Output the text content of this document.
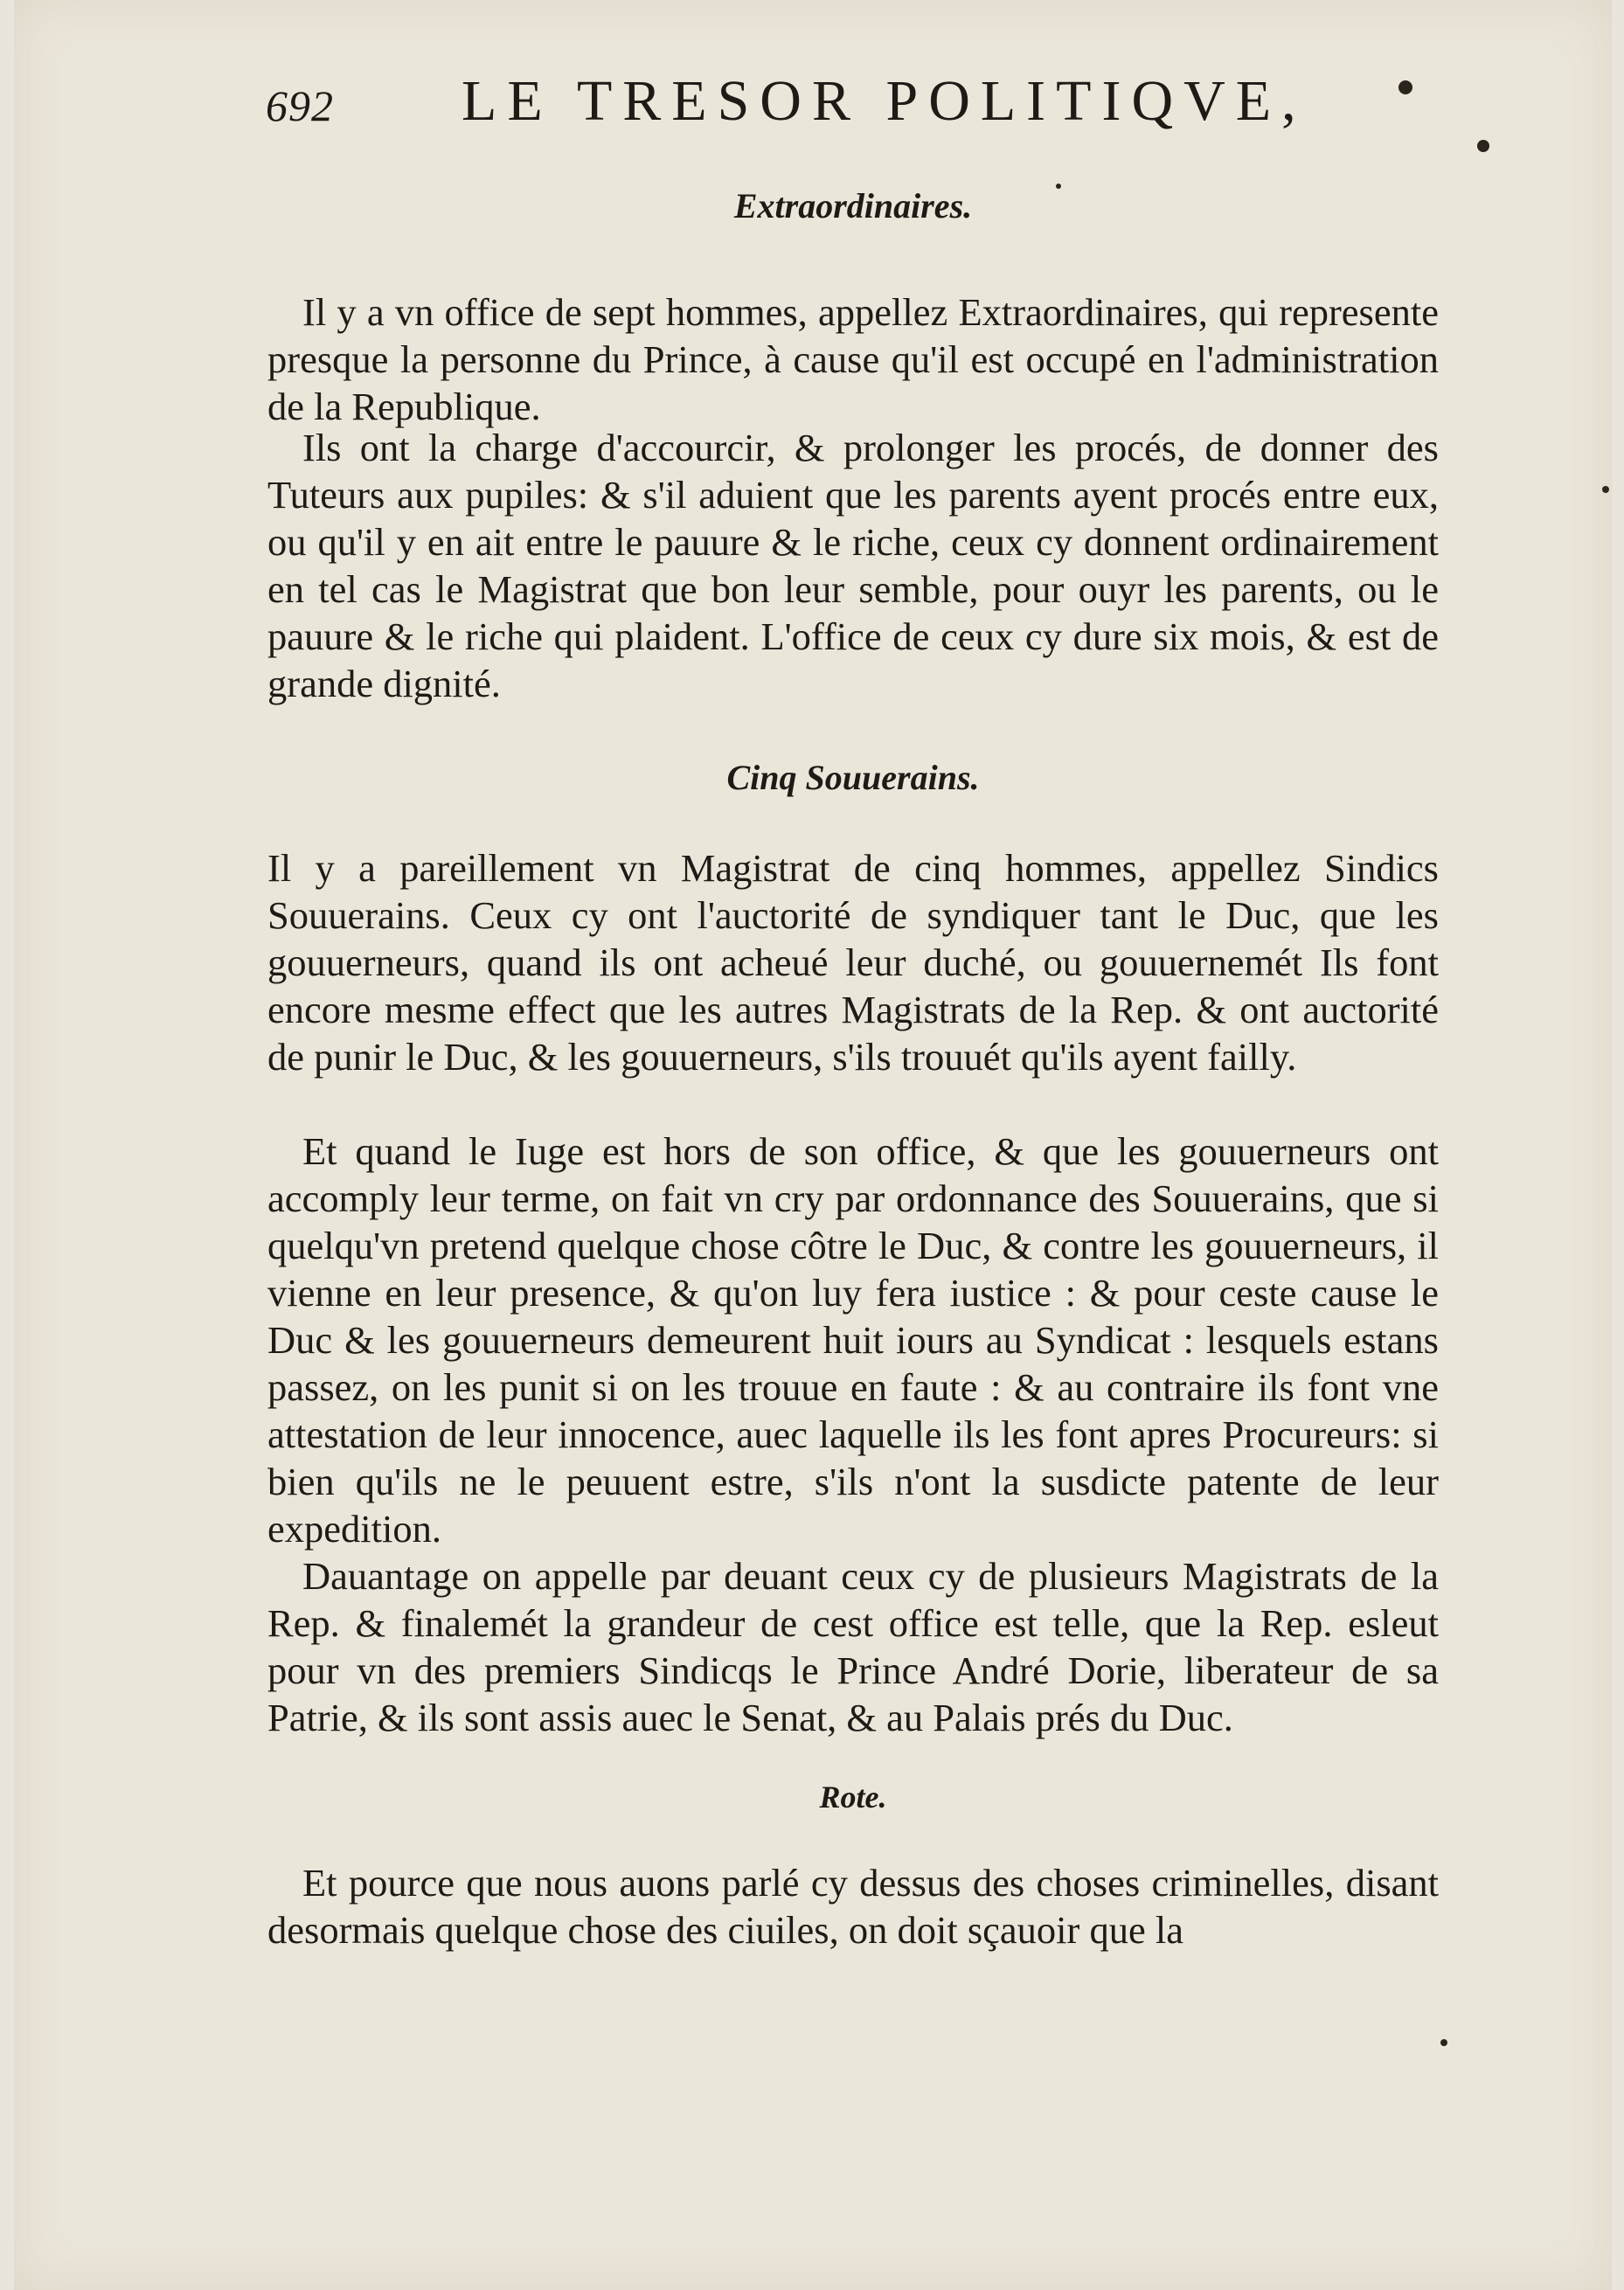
692 LE TRESOR POLITIQVE,
Extraordinaires.

Il y a vn office de sept hommes, appellez Extraordinaires, qui represente presque la personne du Prince, à cause qu'il est occupé en l'administration de la Republique.

Ils ont la charge d'accourcir, & prolonger les procés, de donner des Tuteurs aux pupiles: & s'il aduient que les parents ayent procés entre eux, ou qu'il y en ait entre le pauure & le riche, ceux cy donnent ordinairement en tel cas le Magistrat que bon leur semble, pour ouyr les parents, ou le pauure & le riche qui plaident. L'office de ceux cy dure six mois, & est de grande dignité.

Cinq Souuerains.

Il y a pareillement vn Magistrat de cinq hommes, appellez Sindics Souuerains. Ceux cy ont l'auctorité de syndiquer tant le Duc, que les gouuerneurs, quand ils ont acheué leur duché, ou gouuernemét Ils font encore mesme effect que les autres Magistrats de la Rep. & ont auctorité de punir le Duc, & les gouuerneurs, s'ils trouuét qu'ils ayent failly.

Et quand le Iuge est hors de son office, & que les gouuerneurs ont accomply leur terme, on fait vn cry par ordonnance des Souuerains, que si quelqu'vn pretend quelque chose côtre le Duc, & contre les gouuerneurs, il vienne en leur presence, & qu'on luy fera iustice : & pour ceste cause le Duc & les gouuerneurs demeurent huit iours au Syndicat : lesquels estans passez, on les punit si on les trouue en faute : & au contraire ils font vne attestation de leur innocence, auec laquelle ils les font apres Procureurs: si bien qu'ils ne le peuuent estre, s'ils n'ont la susdicte patente de leur expedition.

Dauantage on appelle par deuant ceux cy de plusieurs Magistrats de la Rep. & finalemét la grandeur de cest office est telle, que la Rep. esleut pour vn des premiers Sindicqs le Prince André Dorie, liberateur de sa Patrie, & ils sont assis auec le Senat, & au Palais prés du Duc.

Rote.

Et pource que nous auons parlé cy dessus des choses criminelles, disant desormais quelque chose des ciuiles, on doit sçauoir que la
